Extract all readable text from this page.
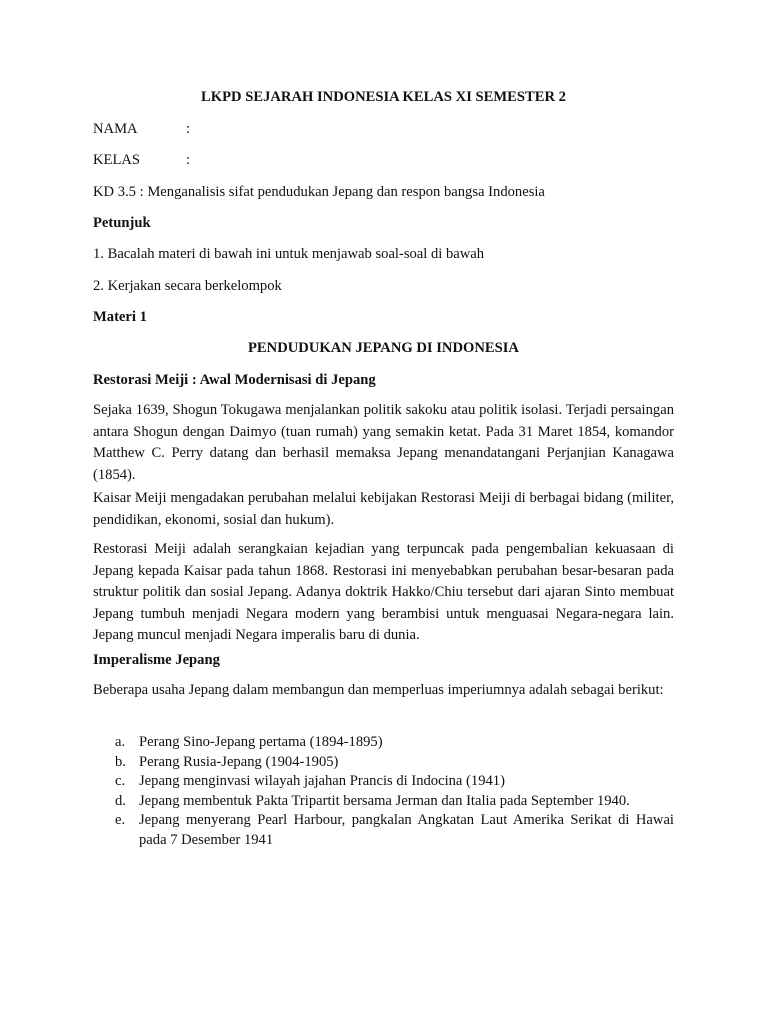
LKPD SEJARAH INDONESIA KELAS XI SEMESTER 2
NAMA	:
KELAS	:
KD 3.5 : Menganalisis sifat pendudukan Jepang dan respon bangsa Indonesia
Petunjuk
1. Bacalah materi di bawah ini untuk menjawab soal-soal di bawah
2. Kerjakan secara berkelompok
Materi 1
PENDUDUKAN JEPANG DI INDONESIA
Restorasi Meiji : Awal Modernisasi di Jepang
Sejaka 1639, Shogun Tokugawa menjalankan politik sakoku atau politik isolasi. Terjadi persaingan antara Shogun dengan Daimyo (tuan rumah) yang semakin ketat. Pada 31 Maret 1854, komandor Matthew C. Perry datang dan berhasil memaksa Jepang menandatangani Perjanjian Kanagawa (1854).
Kaisar Meiji mengadakan perubahan melalui kebijakan Restorasi Meiji di berbagai bidang (militer, pendidikan, ekonomi, sosial dan hukum).
Restorasi Meiji adalah serangkaian kejadian yang terpuncak pada pengembalian kekuasaan di Jepang kepada Kaisar pada tahun 1868. Restorasi ini menyebabkan perubahan besar-besaran pada struktur politik dan sosial Jepang. Adanya doktrik Hakko/Chiu tersebut dari ajaran Sinto membuat Jepang tumbuh menjadi Negara modern yang berambisi untuk menguasai Negara-negara lain. Jepang muncul menjadi Negara imperalis baru di dunia.
Imperalisme Jepang
Beberapa usaha Jepang dalam membangun dan memperluas imperiumnya adalah sebagai berikut:
a. Perang Sino-Jepang pertama (1894-1895)
b. Perang Rusia-Jepang (1904-1905)
c. Jepang menginvasi wilayah jajahan Prancis di Indocina (1941)
d. Jepang membentuk Pakta Tripartit bersama Jerman dan Italia pada September 1940.
e. Jepang menyerang Pearl Harbour, pangkalan Angkatan Laut Amerika Serikat di Hawai pada 7 Desember 1941
